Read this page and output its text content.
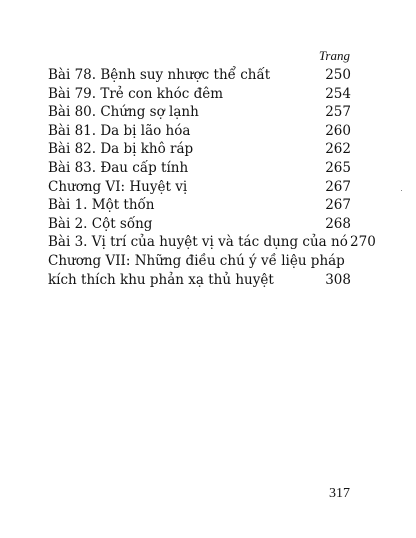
Trang
Bài 78. Bệnh suy nhược thể chất	250
Bài 79. Trẻ con khóc đêm	254
Bài 80. Chứng sợ lạnh	257
Bài 81. Da bị lão hóa	260
Bài 82. Da bị khô ráp	262
Bài 83. Đau cấp tính	265
Chương VI: Huyệt vị	267
Bài 1. Một thốn	267
Bài 2. Cột sống	268
Bài 3. Vị trí của huyệt vị và tác dụng của nó 270
Chương VII: Những điều chú ý về liệu pháp
kích thích khu phản xạ thủ huyệt	308
317
